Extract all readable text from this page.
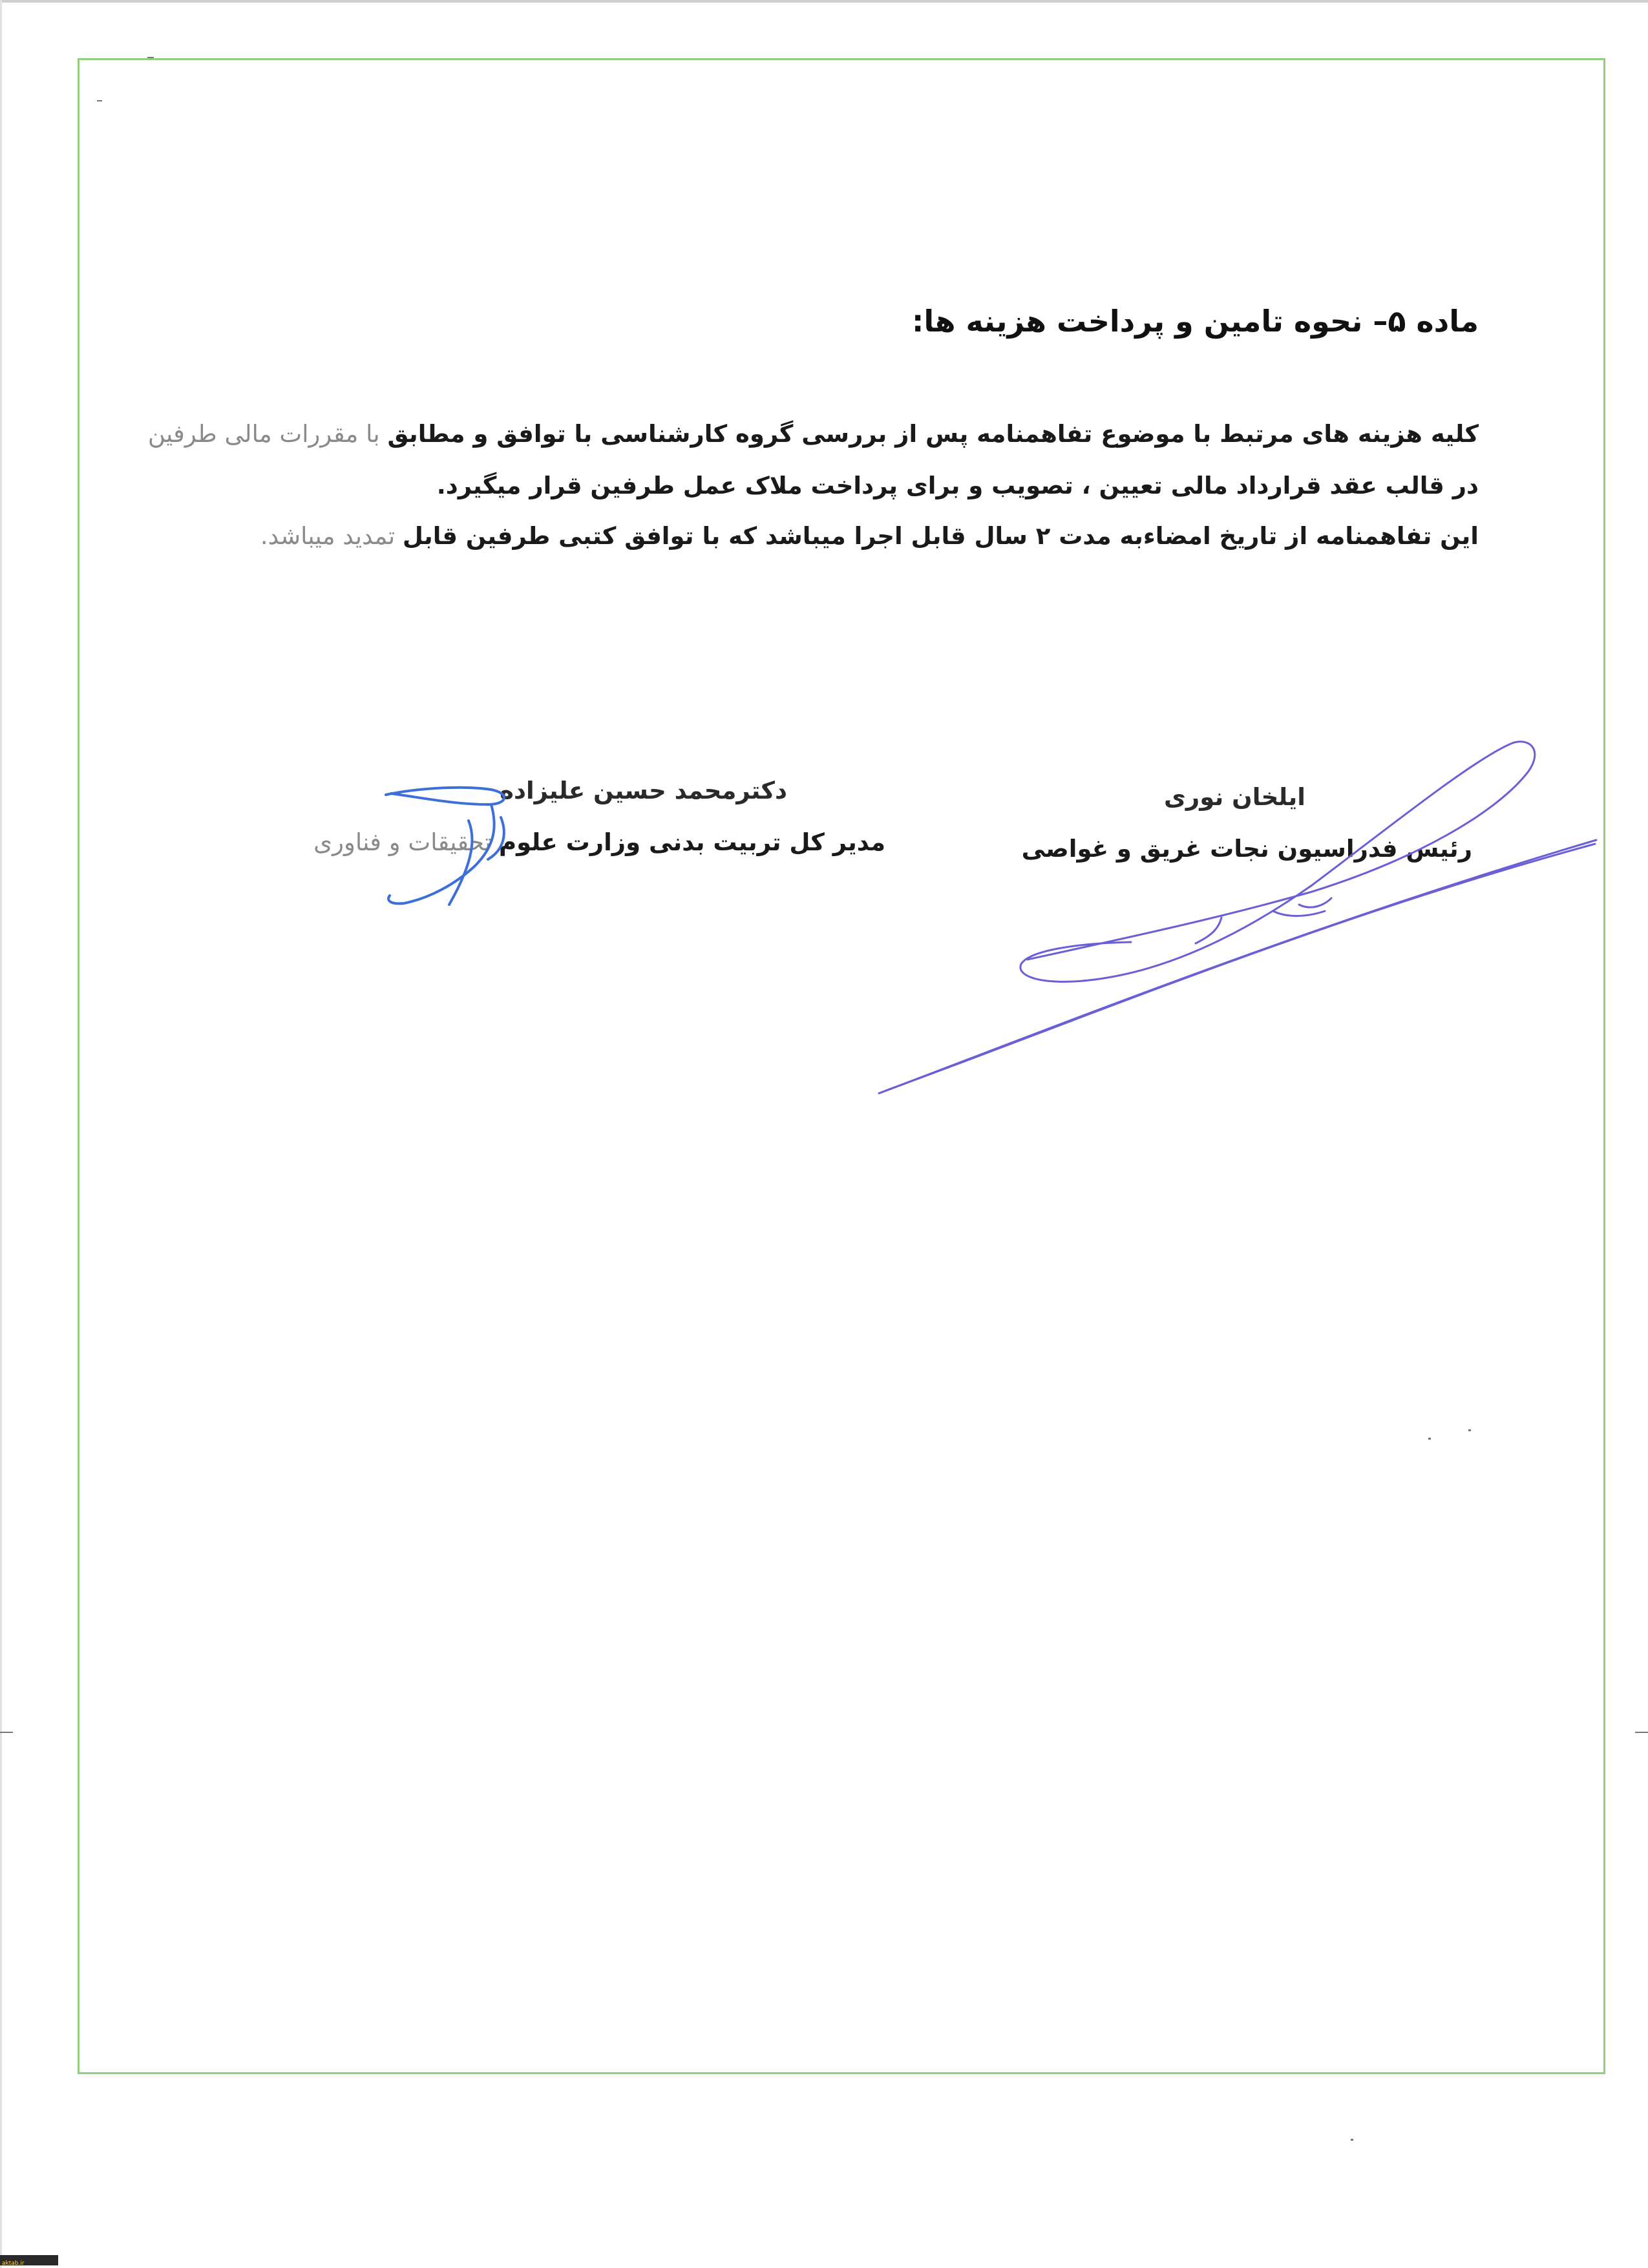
ماده ۵– نحوه تامین و پرداخت هزینه ها:
کلیه هزینه های مرتبط با موضوع تفاهمنامه پس از بررسی گروه کارشناسی با توافق و مطابق با مقررات مالی طرفین
در قالب عقد قرارداد مالی تعیین ، تصویب و برای پرداخت ملاک عمل طرفین قرار میگیرد.
این تفاهمنامه از تاریخ امضاءبه مدت ۲ سال قابل اجرا میباشد که با توافق کتبی طرفین قابل تمدید میباشد.
ایلخان نوری
رئیس فدراسیون نجات غریق و غواصی
دکترمحمد حسین علیزاده
مدیر کل تربیت بدنی وزارت علوم تحقیقات و فناوری
aktab.ir
